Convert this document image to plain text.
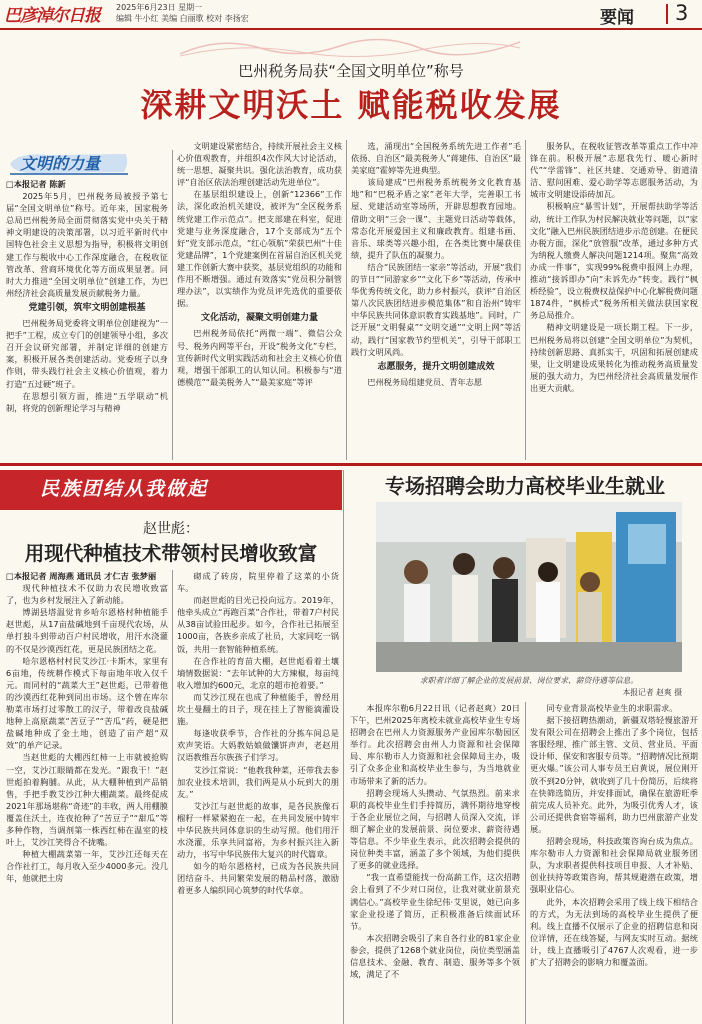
巴彦淖尔日报 2025年6月23日 星期一
编辑 牛小红 美编 白丽歌 校对 李扬宏	要闻 3
巴州税务局获“全国文明单位”称号
深耕文明沃土 赋能税收发展
文明的力量

□本报记者 陈新

2025年5月，巴州税务局被授予第七届“全国文明单位”称号。近年来，国家税务总局巴州税务局全面贯彻落实党中央关于精神文明建设的决策部署，以习近平新时代中国特色社会主义思想为指导，积极将文明创建工作与税收中心工作深度融合，在税收征管改革、营商环境优化等方面成果显著。同时大力推进“全国文明单位”创建工作，为巴州经济社会高质量发展贡献税务力量。

党建引领，筑牢文明创建根基

巴州税务局党委将文明单位创建视为“一把手”工程，成立专门的创建领导小组，多次召开会议研究部署，并制定详细的创建方案，积极开展各类创建活动。党委班子以身作则，带头践行社会主义核心价值观，着力打造“五过硬”班子。

在思想引领方面，推进“五学联动”机制，将党的创新理论学习与精神

文明建设紧密结合，持续开展社会主义核心价值观教育，并组织4次作风大讨论活动，统一思想、凝聚共识。强化法治教育，成功获评“自治区依法治理创建活动先进单位”。

在基层组织建设上，创新“12366”工作法，深化政治机关建设，被评为“全区税务系统党建工作示范点”。把支部建在科室，促进党建与业务深度融合，17个支部成为“五个好”党支部示范点，“红心领航”荣获巴州“十佳党建品牌”，1个党建案例在首届自治区机关党建工作创新大赛中获奖，基层党组织的功能和作用不断增强。通过有效落实“党员积分制管理办法”，以实绩作为党员评先选优的重要依据。

文化活动，凝聚文明创建力量

巴州税务局依托“两微一端”、微信公众号、税务内网等平台，开设“税务文化”专栏，宣传新时代文明实践活动和社会主义核心价值观，增强干部职工的认知认同。积极参与“道德模范”“最美税务人”“最美家庭”等评

选，涌现出“全国税务系统先进工作者”毛依扬、自治区“最美税务人”蒋建伟、自治区“最美家庭”霍婷等先进典型。

该局建成“巴州税务系统税务文化教育基地”和“巴税矛盾之家”老年大学，完善职工书屋、党建活动室等场所，开辟思想教育园地。借助文明“三会一课”、主题党日活动等载体，常态化开展爱国主义和廉政教育。组建书画、音乐、球类等兴趣小组，在各类比赛中屡获佳绩，提升了队伍的凝聚力。

结合“民族团结一家亲”等活动，开展“我们的节日”“同游家乡”“文化下乡”等活动，传承中华优秀传统文化，助力乡村振兴，获评“自治区第八次民族团结进步模范集体”和自治州“铸牢中华民族共同体意识教育实践基地”。同时，广泛开展“文明餐桌”“文明交通”“文明上网”等活动，践行“国家教节约型机关”，引导干部职工践行文明风尚。

志愿服务，提升文明创建成效

巴州税务局组建党员、青年志愿

服务队，在税收征管改革等重点工作中冲锋在前。积极开展“志愿我先行、暖心新时代”“学雷锋”、社区共建、交通劝导、街道清洁、慰问困难、爱心助学等志愿服务活动，为城市文明建设添砖加瓦。

积极响应“暴雪计划”，开展帮扶助学等活动，统计工作队为村民解决就业等问题，以“家文化”融入巴州民族团结进步示范创建。在便民办税方面，深化“放管服”改革，通过多种方式为纳税人缴费人解决问题1214项。聚焦“高效办成一件事”，实现99%税费申报网上办理，推动“接诉即办”向“未诉先办”转变。践行“枫桥经验”，设立税费权益保护中心化解税费问题1874件，“枫桥式”税务所相关做法获国家税务总局推介。

精神文明建设是一项长期工程。下一步，巴州税务局将以创建“全国文明单位”为契机，持续创新思路、真抓实干，巩固和拓展创建成果，让文明建设成果转化为推动税务高质量发展的强大动力，为巴州经济社会高质量发展作出更大贡献。

民族团结从我做起
赵世彪：
用现代种植技术带领村民增收致富

□本报记者 周海燕 通讯员 才仁吉 张梦丽

现代种植技术不仅助力农民增收致富了，也为乡村发展注入了新动能。

博湖县塔温觉肯乡哈尔恩格村种植能手赵世彪，从17亩盐碱地到千亩现代农场，从单打独斗到带动百户村民增收，用汗水浇灌的不仅是沙漠西红花，更是民族团结之花。

哈尔恩格村村民艾沙江·卡斯木，家里有6亩地，传统耕作模式下每亩地年收入仅千元。而同村的“蔬菜大王”赵世彪，已带着他的沙漠西红花种到同出市场。这个曾在库尔勒菜市场打过零散工的汉子，带着改良盐碱地种上高原蔬菜“苦豆子”“苦瓜”药，硬是把盐碱地种成了金土地，创造了亩产超“双效”的单产记录。

当赵世彪的大棚西红柿一上市就被抢购一空，艾沙江眼睛都在发光。“跟我干！”赵世彪拍着胸脯。从此，从大棚种植到产品销售，手把手教艾沙江种大棚蔬菜。最终促成2021年那场堪称“奇迹”的丰收，两人用棚膜覆盖住沃土，连夜抢种了“苦豆子”“甜瓜”等多种作物，当调剂第一株西红柿在温室的枝叶上，艾沙江笑得合不拢嘴。

种植大棚蔬菜第一年，艾沙江还每天在合作社打工，每月收入至少4000多元。没几年，他就把土房

砌成了砖房，院里停着了这菜的小货车。

而赵世彪的目光已投向远方。2019年，他牵头成立“再跑百菜”合作社，带着7户村民从38亩试验田起步。如今，合作社已拓展至1000亩，各族乡亲成了社员，大家同吃一锅饭，共用一套智能种植系统。

在合作社的育苗大棚，赵世彪看着土壤墒情数据说：“去年试种的大方辣椒，每亩纯收入增加约600元，北京的超市抢着要。”

而艾沙江现在也成了种植能手，曾经用坎土曼翻土的日子，现在挂上了智能滴灌设施。

每逢收获季节，合作社的分拣车间总是欢声笑语。大妈教姑娘做馕饼声声，老赵用汉语教维吾尔族孩子们学习。

艾沙江常说：“他教我种菜，还带我去参加农业技术培训，我们两是从小玩到大的朋友。”

艾沙江与赵世彪的故事，是各民族像石榴籽一样紧紧抱在一起，在共同发展中铸牢中华民族共同体意识的生动写照。他们用汗水浇灌，乐享共同富裕，为乡村振兴注入新动力，书写中华民族伟大复兴的时代篇章。

如今的哈尔恩格村，已成为各民族共同团结奋斗、共同繁荣发展的精品村落，激励着更多人编织同心筑梦的时代华章。

专场招聘会助力高校毕业生就业
求职者详细了解企业的发展前景、岗位要求、薪资待遇等信息。
本报记者 赵爽 摄

本报库尔勒6月22日讯（记者赵爽）20日下午，巴州2025年离校未就业高校毕业生专场招聘会在巴州人力资源服务产业园库尔勒园区举行。此次招聘会由州人力资源和社会保障局、库尔勒市人力资源和社会保障局主办，吸引了众多企业和高校毕业生参与，为当地就业市场带来了新的活力。

招聘会现场人头攒动、气氛热烈。前来求职的高校毕业生们手持简历，满怀期待地穿梭于各企业展位之间，与招聘人员深入交流，详细了解企业的发展前景、岗位要求、薪资待遇等信息。不少毕业生表示，此次招聘会提供的岗位种类丰富，涵盖了多个领域，为他们提供了更多的就业选择。

“我一直希望能找一份高薪工作，这次招聘会上看到了不少对口岗位，让我对就业前景充满信心。”高校毕业生徐纪伟·艾里说，她已向多家企业投递了简历，正积极准备后续面试环节。

本次招聘会吸引了来自各行业的81家企业参会，提供了1268个就业岗位，岗位类型涵盖信息技术、金融、教育、制造、服务等多个领域，满足了不

同专业背景高校毕业生的求职需求。

据下接招聘热潮动，新疆双塔轻慢旅游开发有限公司在招聘会上推出了多个岗位，包括客服经理、推广部主管、文员、营业员、平面设计师、保安和客服专员等。“招聘情况比预期更火爆。”该公司人事专员王启黄说，展位刚开放不到20分钟，就收到了几十份简历，后续将在快筛选简历，并安排面试，确保在旅游旺季前完成人员补充。此外，为吸引优秀人才，该公司还提供食宿等福利，助力巴州旅游产业发展。

招聘会现场，科技政策咨询台成为焦点。库尔勒市人力资源和社会保障局就业服务团队，为求职者提供科技项目申报、人才补贴、创业扶持等政策咨询，帮其规避潜在政策，增强职业信心。

此外，本次招聘会采用了线上线下相结合的方式，为无法到场的高校毕业生提供了便利。线上直播不仅展示了企业的招聘信息和岗位详情，还在线答疑，与网友实时互动。据统计，线上直播吸引了4767人次观看，进一步扩大了招聘会的影响力和覆盖面。
